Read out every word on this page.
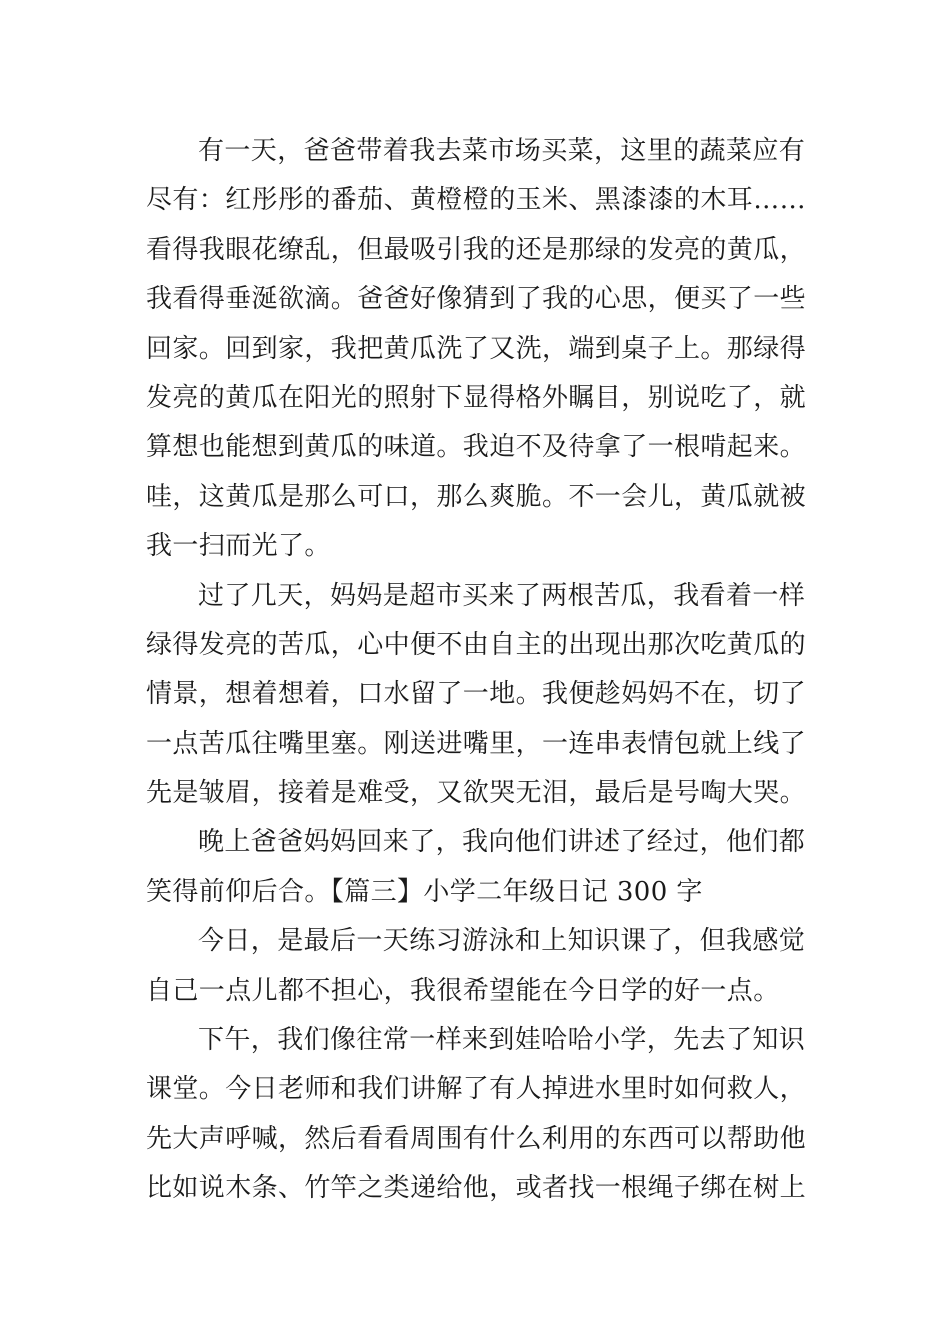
有一天，爸爸带着我去菜市场买菜，这里的蔬菜应有
尽有：红彤彤的番茄、黄橙橙的玉米、黑漆漆的木耳……
看得我眼花缭乱，但最吸引我的还是那绿的发亮的黄瓜，
我看得垂涎欲滴。爸爸好像猜到了我的心思，便买了一些
回家。回到家，我把黄瓜洗了又洗，端到桌子上。那绿得
发亮的黄瓜在阳光的照射下显得格外瞩目，别说吃了，就
算想也能想到黄瓜的味道。我迫不及待拿了一根啃起来。
哇，这黄瓜是那么可口，那么爽脆。不一会儿，黄瓜就被
我一扫而光了。
过了几天，妈妈是超市买来了两根苦瓜，我看着一样
绿得发亮的苦瓜，心中便不由自主的出现出那次吃黄瓜的
情景，想着想着，口水留了一地。我便趁妈妈不在，切了
一点苦瓜往嘴里塞。刚送进嘴里，一连串表情包就上线了
先是皱眉，接着是难受，又欲哭无泪，最后是号啕大哭。
晚上爸爸妈妈回来了，我向他们讲述了经过，他们都
笑得前仰后合。【篇三】小学二年级日记 300 字
今日，是最后一天练习游泳和上知识课了，但我感觉
自己一点儿都不担心，我很希望能在今日学的好一点。
下午，我们像往常一样来到娃哈哈小学，先去了知识
课堂。今日老师和我们讲解了有人掉进水里时如何救人，
先大声呼喊，然后看看周围有什么利用的东西可以帮助他
比如说木条、竹竿之类递给他，或者找一根绳子绑在树上
